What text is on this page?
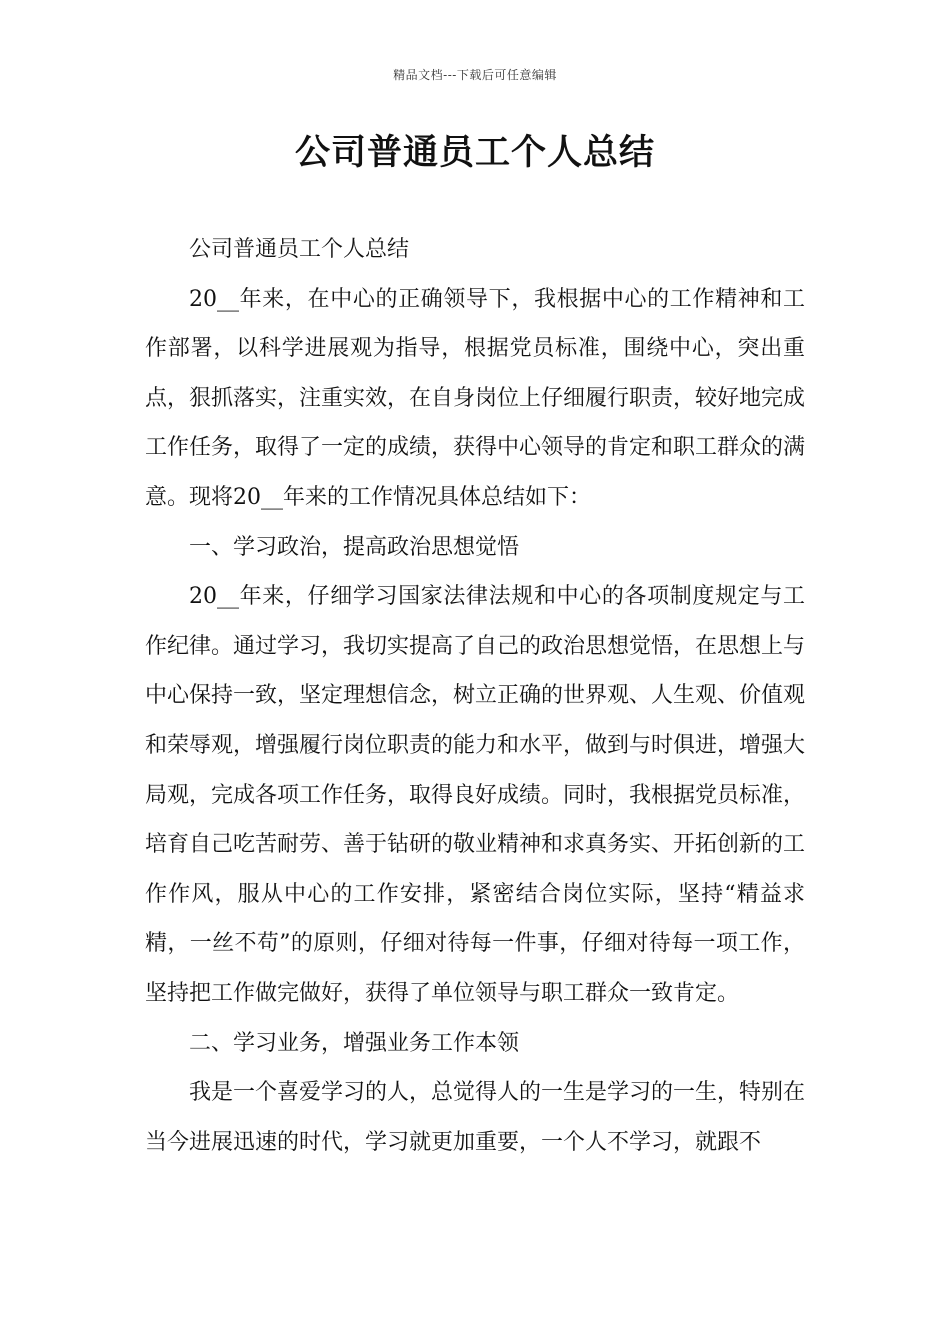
精品文档---下载后可任意编辑
公司普通员工个人总结

公司普通员工个人总结

20__年来，在中心的正确领导下，我根据中心的工作精神和工作部署，以科学进展观为指导，根据党员标准，围绕中心，突出重点，狠抓落实，注重实效，在自身岗位上仔细履行职责，较好地完成工作任务，取得了一定的成绩，获得中心领导的肯定和职工群众的满意。现将20__年来的工作情况具体总结如下：

一、学习政治，提高政治思想觉悟

20__年来，仔细学习国家法律法规和中心的各项制度规定与工作纪律。通过学习，我切实提高了自己的政治思想觉悟，在思想上与中心保持一致，坚定理想信念，树立正确的世界观、人生观、价值观和荣辱观，增强履行岗位职责的能力和水平，做到与时俱进，增强大局观，完成各项工作任务，取得良好成绩。同时，我根据党员标准，培育自己吃苦耐劳、善于钻研的敬业精神和求真务实、开拓创新的工作作风，服从中心的工作安排，紧密结合岗位实际，坚持“精益求精，一丝不苟”的原则，仔细对待每一件事，仔细对待每一项工作，坚持把工作做完做好，获得了单位领导与职工群众一致肯定。

二、学习业务，增强业务工作本领

我是一个喜爱学习的人，总觉得人的一生是学习的一生，特别在当今进展迅速的时代，学习就更加重要，一个人不学习，就跟不
